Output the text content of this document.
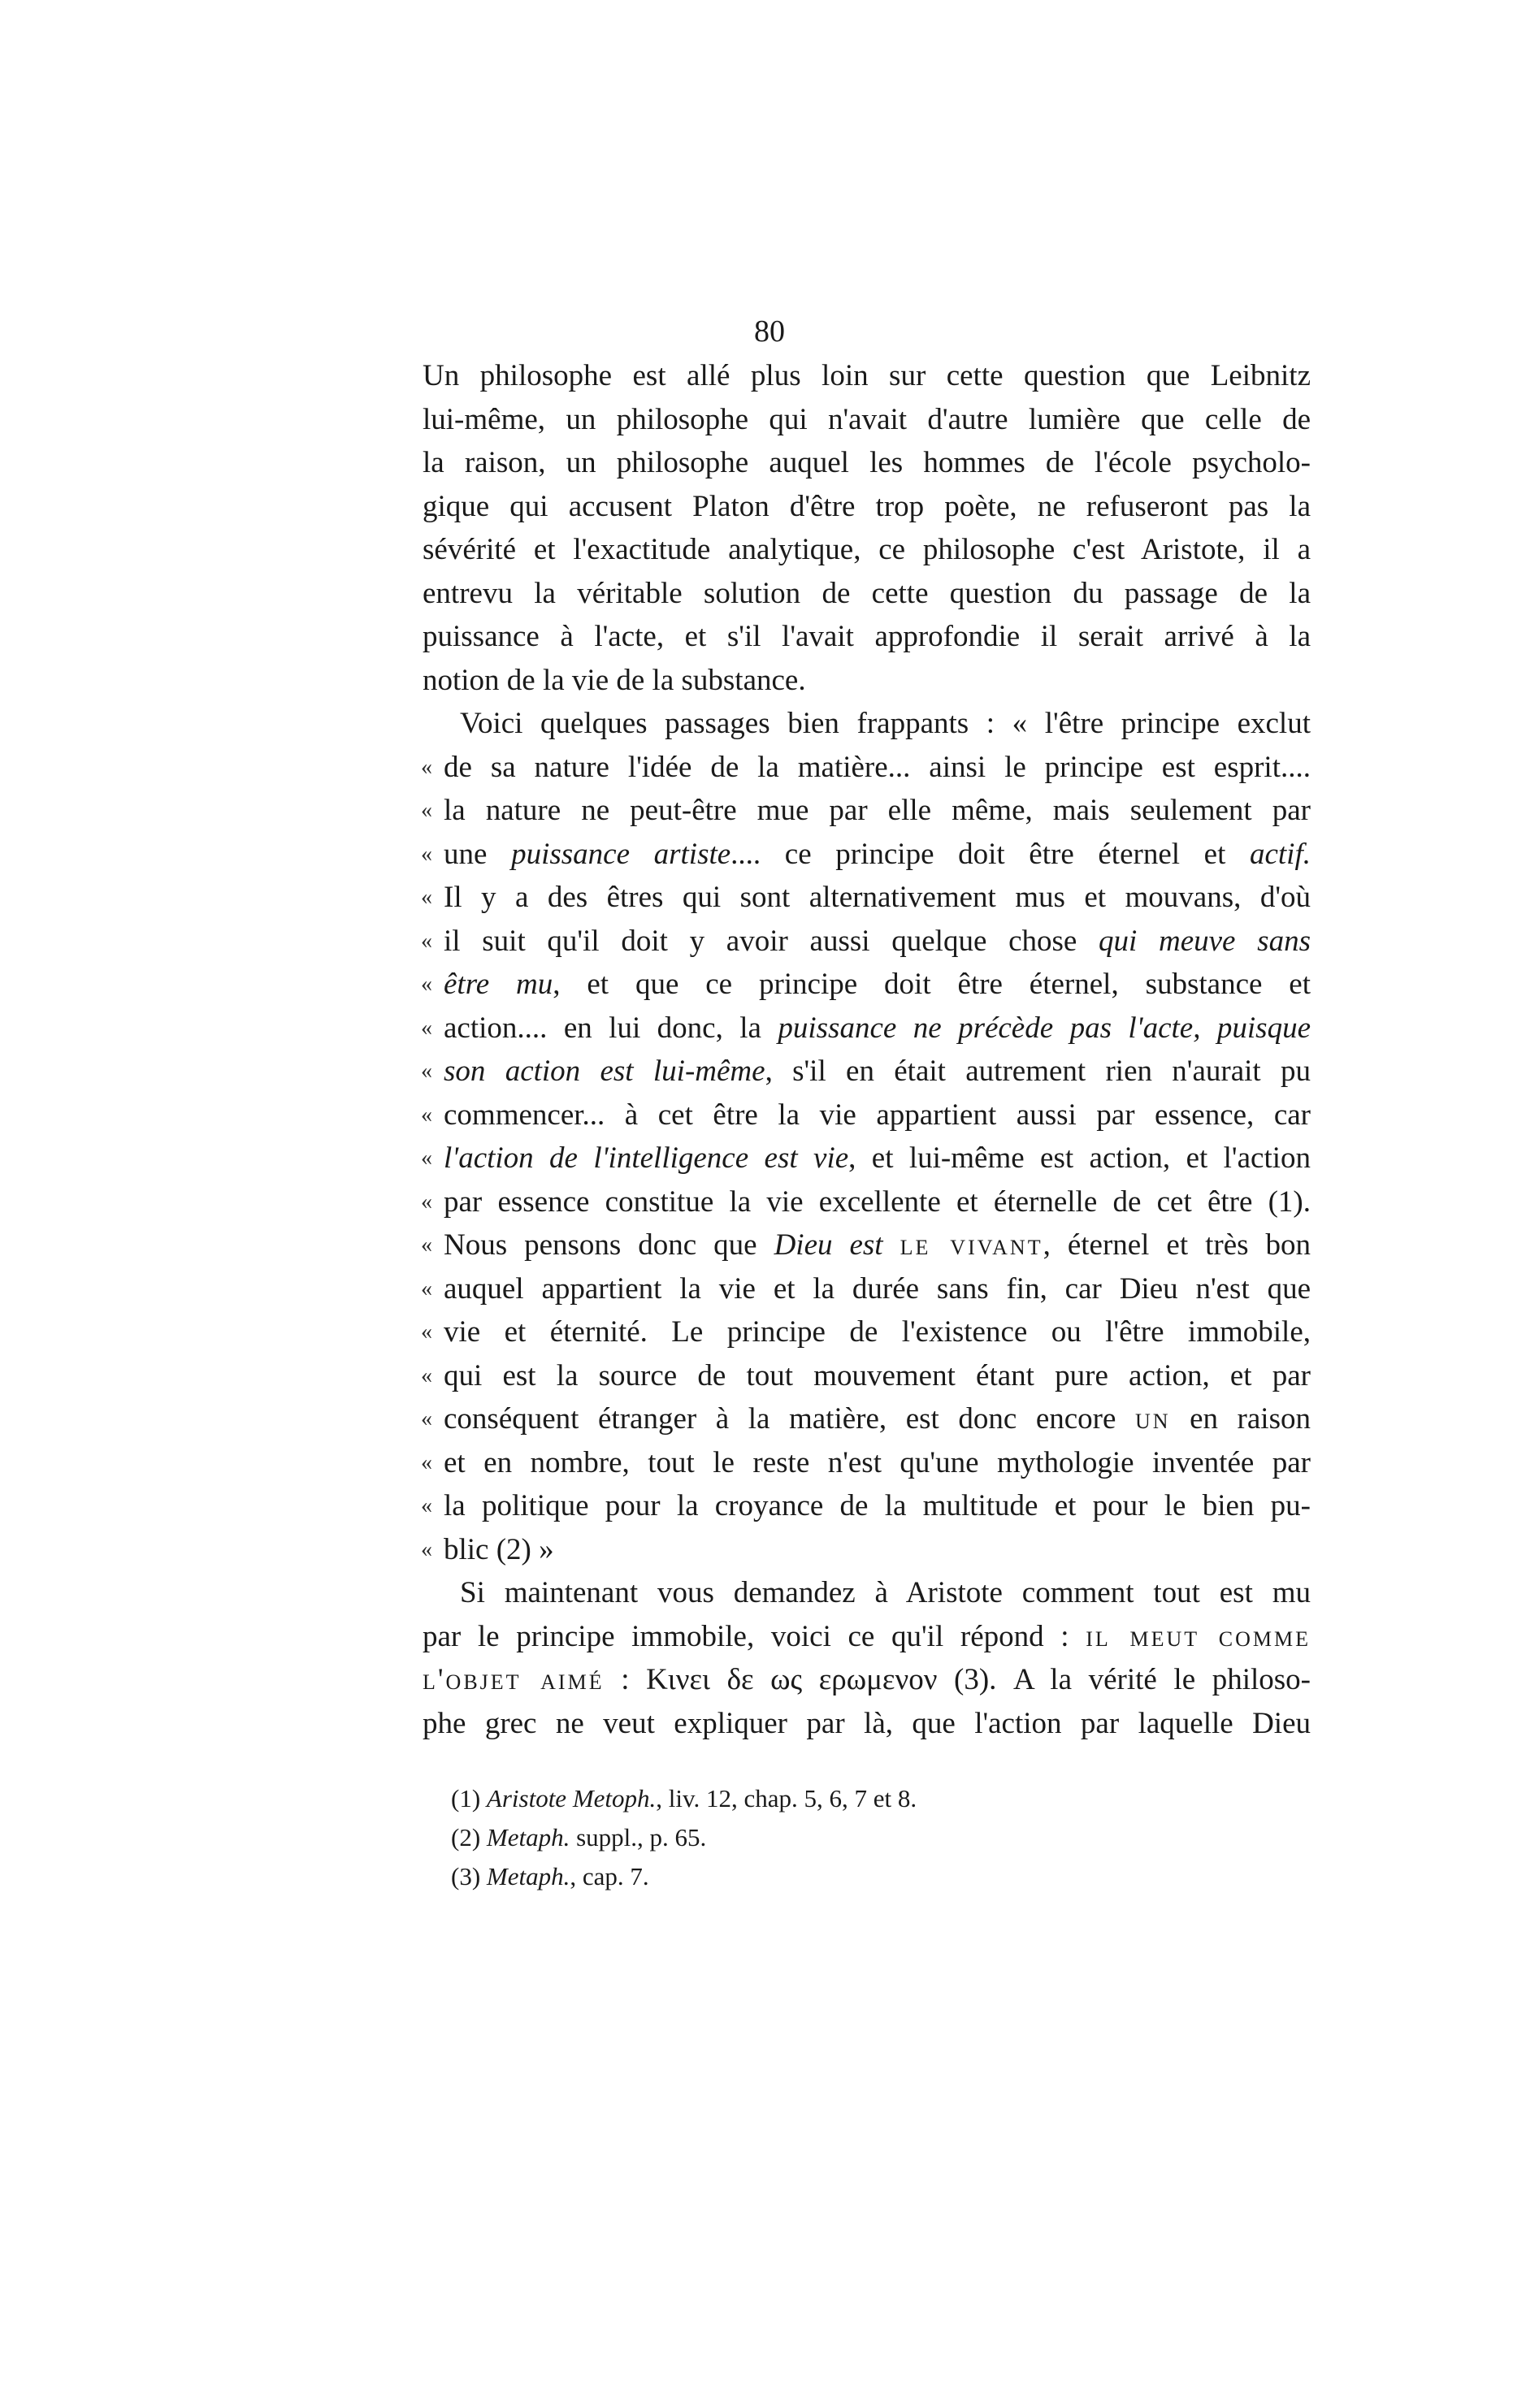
80
Un philosophe est allé plus loin sur cette question que Leibnitz
lui-même, un philosophe qui n'avait d'autre lumière que celle de
la raison, un philosophe auquel les hommes de l'école psycholo-
gique qui accusent Platon d'être trop poète, ne refuseront pas la
sévérité et l'exactitude analytique, ce philosophe c'est Aristote, il a
entrevu la véritable solution de cette question du passage de la
puissance à l'acte, et s'il l'avait approfondie il serait arrivé à la
notion de la vie de la substance.
Voici quelques passages bien frappants : « l'être principe exclut
« de sa nature l'idée de la matière... ainsi le principe est esprit....
« la nature ne peut-être mue par elle même, mais seulement par
« une puissance artiste.... ce principe doit être éternel et actif.
« Il y a des êtres qui sont alternativement mus et mouvans, d'où
« il suit qu'il doit y avoir aussi quelque chose qui meuve sans
« être mu, et que ce principe doit être éternel, substance et
« action.... en lui donc, la puissance ne précède pas l'acte, puisque
« son action est lui-même, s'il en était autrement rien n'aurait pu
« commencer... à cet être la vie appartient aussi par essence, car
« l'action de l'intelligence est vie, et lui-même est action, et l'action
« par essence constitue la vie excellente et éternelle de cet être (1).
« Nous pensons donc que Dieu est le vivant, éternel et très bon
« auquel appartient la vie et la durée sans fin, car Dieu n'est que
« vie et éternité. Le principe de l'existence ou l'être immobile,
« qui est la source de tout mouvement étant pure action, et par
« conséquent étranger à la matière, est donc encore un en raison
« et en nombre, tout le reste n'est qu'une mythologie inventée par
« la politique pour la croyance de la multitude et pour le bien pu-
« blic (2) »
Si maintenant vous demandez à Aristote comment tout est mu
par le principe immobile, voici ce qu'il répond : il meut comme
l'objet aimé : Κινει δε ως ερωμενον (3). A la vérité le philoso-
phe grec ne veut expliquer par là, que l'action par laquelle Dieu
(1) Aristote Metoph., liv. 12, chap. 5, 6, 7 et 8.
(2) Metaph. suppl., p. 65.
(3) Metaph., cap. 7.
